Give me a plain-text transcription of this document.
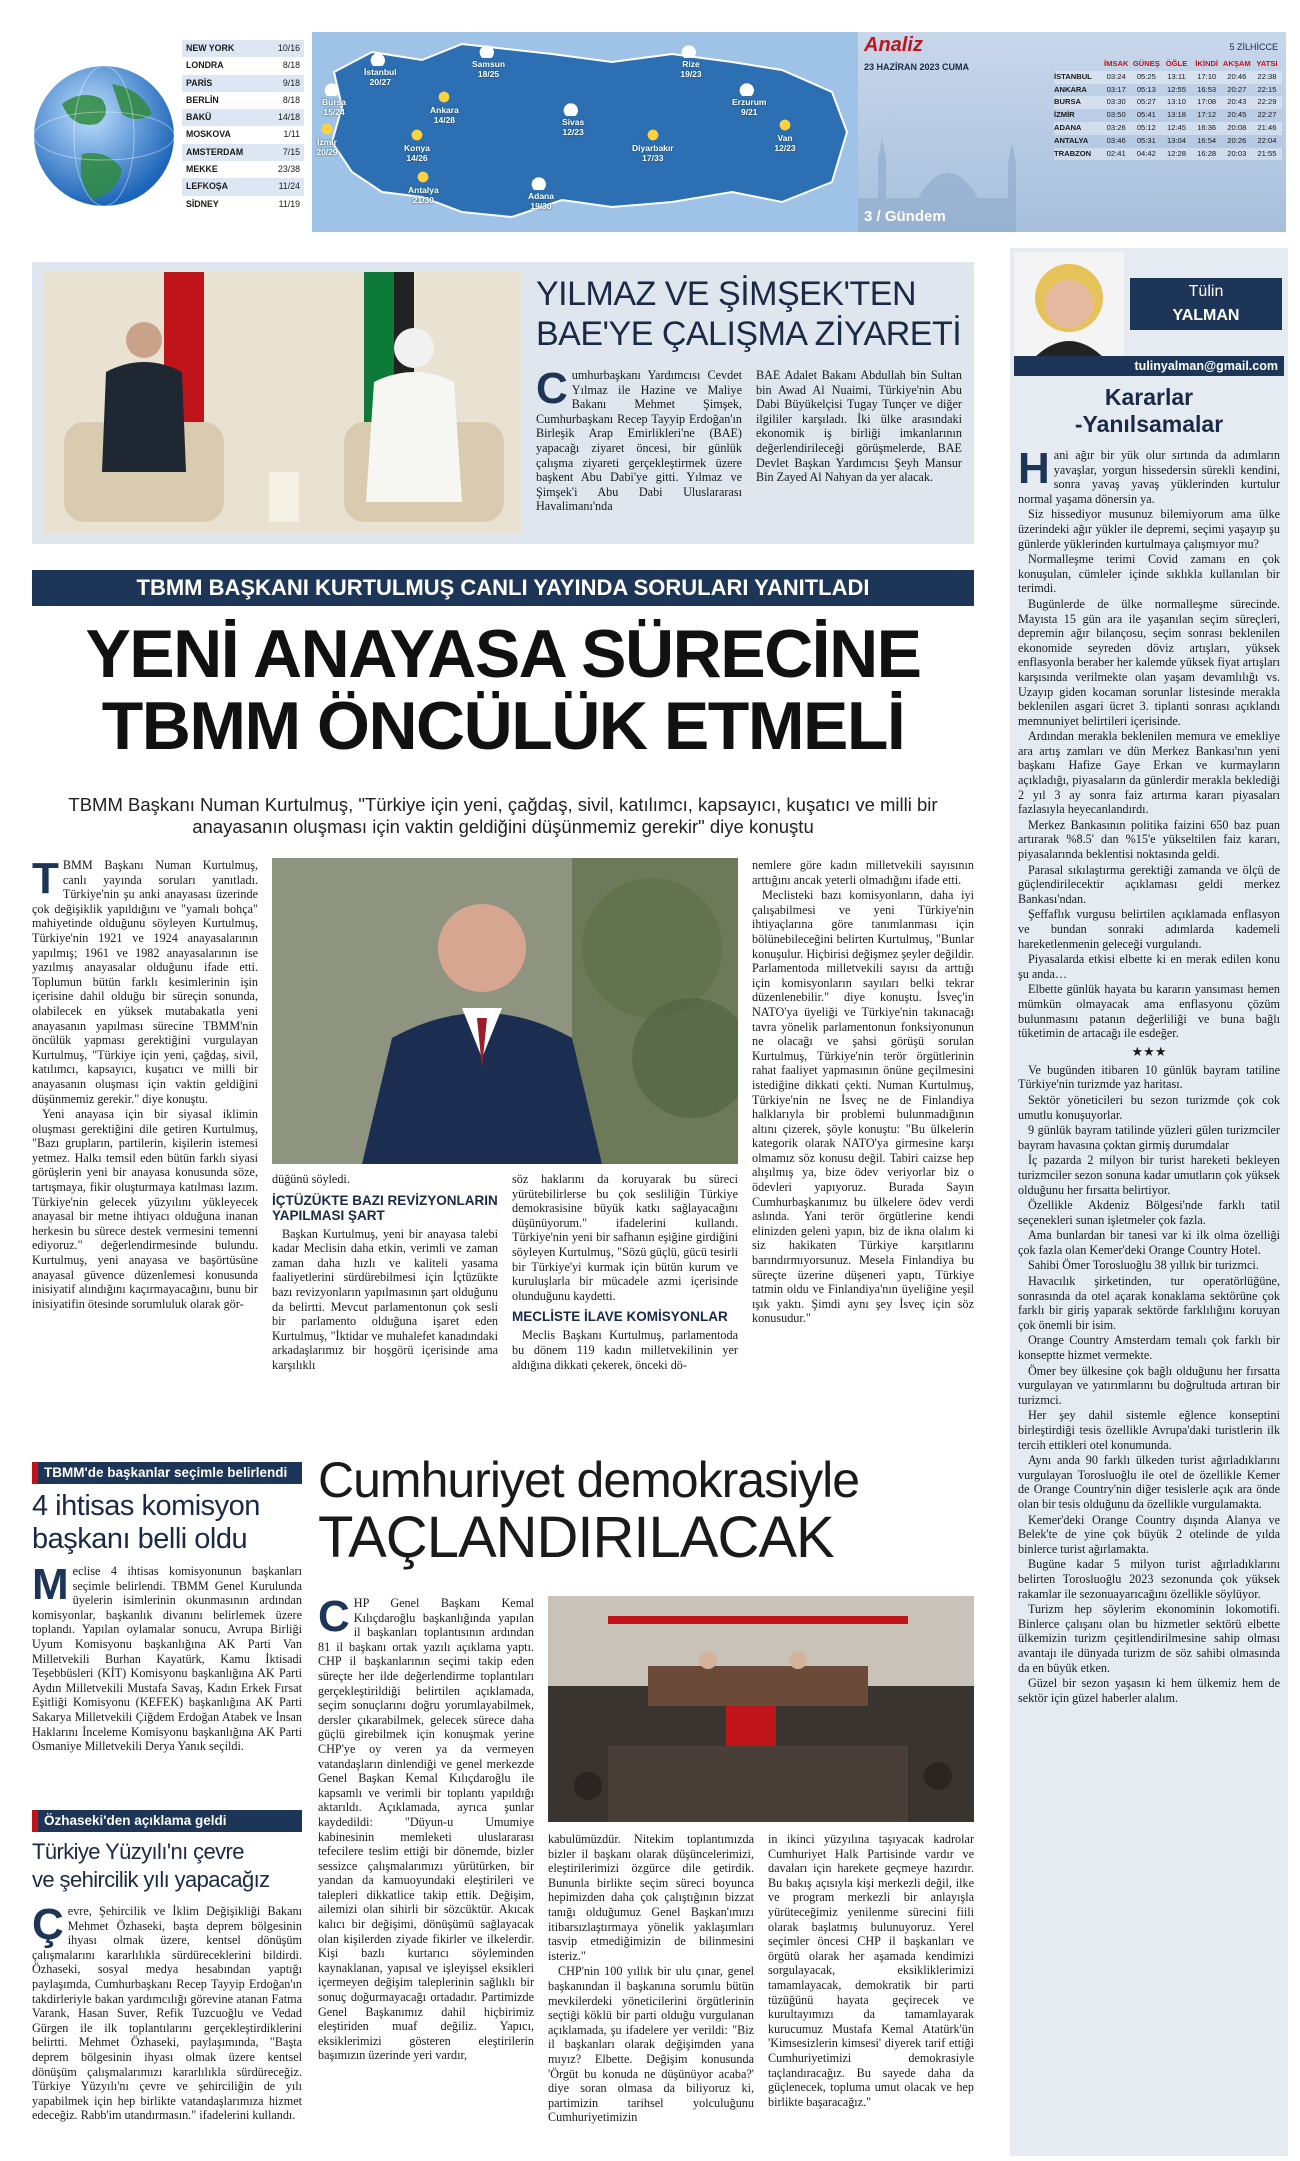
NEW YORK	10/16
LONDRA	8/18
PARİS	9/18
BERLİN	8/18
BAKÜ	14/18
MOSKOVA	1/11
AMSTERDAM	7/15
MEKKE	23/38
LEFKOŞA	11/24
SİDNEY	11/19
İstanbul
20/27
Bursa
15/24
Samsun
18/25
Rize
19/23
Erzurum
9/21
Ankara
14/28	Sivas
12/23
İzmir
20/29	Konya
14/26
Diyarbakır
17/33
Van
12/23
Antalya
21/30	Adana
19/30
Analiz
23 HAZİRAN 2023 CUMA
5 ZİLHİCCE
İMSAK GÜNEŞ ÖĞLE	İKİNDİ AKŞAM YATSI
İSTANBUL	03:24	05:25	13:11	17:10	20:46	22:38
ANKARA	03:17	05:13	12:55	16:53	20:27	22:15
BURSA	03:30	05:27	13:10	17:08	20:43	22:29
İZMİR	03:50	05:41	13:18	17:12	20:45	22:27
ADANA	03:26	05:12	12:45	16:36	20:08	21:46
ANTALYA	03:46	05:31	13:04	16:54	20:26	22:04
TRABZON	02:41	04:42	12:28	16:28	20:03	21:55
3 / Gündem
YILMAZ VE ŞİMŞEK'TEN
BAE'YE ÇALIŞMA ZİYARETİ

Cumhurbaşkanı Yardımcısı Cevdet Yılmaz ile Hazine ve Maliye Bakanı Mehmet Şimşek, Cumhurbaşkanı Recep Tayyip Erdoğan'ın Birleşik Arap Emirlikleri'ne (BAE) yapacağı ziyaret öncesi, bir günlük çalışma ziyareti gerçekleştirmek üzere başkent Abu Dabi'ye gitti. Yılmaz ve Şimşek'i Abu Dabi Uluslararası Havalimanı'nda

BAE Adalet Bakanı Abdullah bin Sultan bin Awad Al Nuaimi, Türkiye'nin Abu Dabi Büyükelçisi Tugay Tunçer ve diğer ilgililer karşıladı. İki ülke arasındaki ekonomik iş birliği imkanlarının değerlendirileceği görüşmelerde, BAE Devlet Başkan Yardımcısı Şeyh Mansur Bin Zayed Al Nahyan da yer alacak.

TBMM BAŞKANI KURTULMUŞ CANLI YAYINDA SORULARI YANITLADI
YENİ ANAYASA SÜRECİNE
TBMM ÖNCÜLÜK ETMELİ
TBMM Başkanı Numan Kurtulmuş, "Türkiye için yeni, çağdaş, sivil, katılımcı, kapsayıcı, kuşatıcı ve milli bir anayasanın oluşması için vaktin geldiğini düşünmemiz gerekir" diye konuştu

TBMM Başkanı Numan Kurtulmuş, canlı yayında soruları yanıtladı. Türkiye'nin şu anki anayasası üzerinde çok değişiklik yapıldığını ve "yamalı bohça" mahiyetinde olduğunu söyleyen Kurtulmuş, Türkiye'nin 1921 ve 1924 anayasalarının yapılmış; 1961 ve 1982 anayasalarının ise yazılmış anayasalar olduğunu ifade etti. Toplumun bütün farklı kesimlerinin işin içerisine dahil olduğu bir süreçin sonunda, olabilecek en yüksek mutabakatla yeni anayasanın yapılması sürecine TBMM'nin öncülük yapması gerektiğini vurgulayan Kurtulmuş, "Türkiye için yeni, çağdaş, sivil, katılımcı, kapsayıcı, kuşatıcı ve milli bir anayasanın oluşması için vaktin geldiğini düşünmemiz gerekir." diye konuştu.

Yeni anayasa için bir siyasal iklimin oluşması gerektiğini dile getiren Kurtulmuş, "Bazı grupların, partilerin, kişilerin istemesi yetmez. Halkı temsil eden bütün farklı siyasi görüşlerin yeni bir anayasa konusunda söze, tartışmaya, fikir oluşturmaya katılması lazım. Türkiye'nin gelecek yüzyılını yükleyecek anayasal bir metne ihtiyacı olduğuna inanan herkesin bu sürece destek vermesini temenni ediyoruz." değerlendirmesinde bulundu. Kurtulmuş, yeni anayasa ve başörtüsüne anayasal güvence düzenlemesi konusunda inisiyatif alındığını kaçırmayacağını, bunu bir inisiyatifin ötesinde sorumluluk olarak gör-

düğünü söyledi.

İÇTÜZÜKTE BAZI REVİZYONLARIN YAPILMASI ŞART

Başkan Kurtulmuş, yeni bir anayasa talebi kadar Meclisin daha etkin, verimli ve zaman zaman daha hızlı ve kaliteli yasama faaliyetlerini sürdürebilmesi için İçtüzükte bazı revizyonların yapılmasının şart olduğunu da belirtti. Mevcut parlamentonun çok sesli bir parlamento olduğuna işaret eden Kurtulmuş, "İktidar ve muhalefet kanadındaki arkadaşlarımız bir hoşgörü içerisinde ama karşılıklı

söz haklarını da koruyarak bu süreci yürütebilirlerse bu çok sesliliğin Türkiye demokrasisine büyük katkı sağlayacağını düşünüyorum." ifadelerini kullandı. Türkiye'nin yeni bir safhanın eşiğine girdiğini söyleyen Kurtulmuş, "Sözü güçlü, gücü tesirli bir Türkiye'yi kurmak için bütün kurum ve kuruluşlarla bir mücadele azmi içerisinde olunduğunu kaydetti.

MECLİSTE İLAVE KOMİSYONLAR

Meclis Başkanı Kurtulmuş, parlamentoda bu dönem 119 kadın milletvekilinin yer aldığına dikkati çekerek, önceki dö-

nemlere göre kadın milletvekili sayısının arttığını ancak yeterli olmadığını ifade etti.

Meclisteki bazı komisyonların, daha iyi çalışabilmesi ve yeni Türkiye'nin ihtiyaçlarına göre tanımlanması için bölünebileceğini belirten Kurtulmuş, "Bunlar konuşulur. Hiçbirisi değişmez şeyler değildir. Parlamentoda milletvekili sayısı da arttığı için komisyonların sayıları belki tekrar düzenlenebilir." diye konuştu. İsveç'in NATO'ya üyeliği ve Türkiye'nin takınacağı tavra yönelik parlamentonun fonksiyonunun ne olacağı ve şahsi görüşü sorulan Kurtulmuş, Türkiye'nin terör örgütlerinin rahat faaliyet yapmasının önüne geçilmesini istediğine dikkati çekti. Numan Kurtulmuş, Türkiye'nin ne İsveç ne de Finlandiya halklarıyla bir problemi bulunmadığının altını çizerek, şöyle konuştu: "Bu ülkelerin kategorik olarak NATO'ya girmesine karşı olmamız söz konusu değil. Tabiri caizse hep alışılmış ya, bize ödev veriyorlar biz o ödevleri yapıyoruz. Burada Sayın Cumhurbaşkanımız bu ülkelere ödev verdi aslında. Yani terör örgütlerine kendi elinizden geleni yapın, biz de ikna olalım ki siz hakikaten Türkiye karşıtlarını barındırmıyorsunuz. Mesela Finlandiya bu süreçte üzerine düşeneri yaptı, Türkiye tatmin oldu ve Finlandiya'nın üyeliğine yeşil ışık yaktı. Şimdi aynı şey İsveç için söz konusudur."

TBMM'de başkanlar seçimle belirlendi
4 ihtisas komisyon
başkanı belli oldu

Meclise 4 ihtisas komisyonunun başkanları seçimle belirlendi. TBMM Genel Kurulunda üyelerin isimlerinin okunmasının ardından komisyonlar, başkanlık divanını belirlemek üzere toplandı. Yapılan oylamalar sonucu, Avrupa Birliği Uyum Komisyonu başkanlığına AK Parti Van Milletvekili Burhan Kayatürk, Kamu İktisadi Teşebbüsleri (KİT) Komisyonu başkanlığına AK Parti Aydın Milletvekili Mustafa Savaş, Kadın Erkek Fırsat Eşitliği Komisyonu (KEFEK) başkanlığına AK Parti Sakarya Milletvekili Çiğdem Erdoğan Atabek ve İnsan Haklarını İnceleme Komisyonu başkanlığına AK Parti Osmaniye Milletvekili Derya Yanık seçildi.

Özhaseki'den açıklama geldi
Türkiye Yüzyılı'nı çevre
ve şehircilik yılı yapacağız

Çevre, Şehircilik ve İklim Değişikliği Bakanı Mehmet Özhaseki, başta deprem bölgesinin ihyası olmak üzere, kentsel dönüşüm çalışmalarını kararlılıkla sürdüreceklerini bildirdi. Özhaseki, sosyal medya hesabından yaptığı paylaşımda, Cumhurbaşkanı Recep Tayyip Erdoğan'ın takdirleriyle bakan yardımcılığı görevine atanan Fatma Varank, Hasan Suver, Refik Tuzcuoğlu ve Vedad Gürgen ile ilk toplantılarını gerçekleştirdiklerini belirtti. Mehmet Özhaseki, paylaşımında, "Başta deprem bölgesinin ihyası olmak üzere kentsel dönüşüm çalışmalarımızı kararlılıkla sürdüreceğiz. Türkiye Yüzyılı'nı çevre ve şehirciliğin de yılı yapabilmek için hep birlikte vatandaşlarımıza hizmet edeceğiz. Rabb'im utandırmasın." ifadelerini kullandı.

Cumhuriyet demokrasiyle
TAÇLANDIRILACAK

CHP Genel Başkanı Kemal Kılıçdaroğlu başkanlığında yapılan il başkanları toplantısının ardından 81 il başkanı ortak yazılı açıklama yaptı. CHP il başkanlarının seçimi takip eden süreçte her ilde değerlendirme toplantıları gerçekleştirildiği belirtilen açıklamada, seçim sonuçlarını doğru yorumlayabilmek, dersler çıkarabilmek, gelecek sürece daha güçlü girebilmek için konuşmak yerine CHP'ye oy veren ya da vermeyen vatandaşların dinlendiği ve genel merkezde Genel Başkan Kemal Kılıçdaroğlu ile kapsamlı ve verimli bir toplantı yapıldığı aktarıldı. Açıklamada, ayrıca şunlar kaydedildi: "Düyun-u Umumiye kabinesinin memleketi uluslararası tefecilere teslim ettiği bir dönemde, bizler sessizce çalışmalarımızı yürütürken, bir yandan da kamuoyundaki eleştirileri ve talepleri dikkatlice takip ettik. Değişim, ailemizi olan sihirli bir sözcüktür. Akıcak kalıcı bir değişimi, dönüşümü sağlayacak olan kişilerden ziyade fikirler ve ilkelerdir. Kişi bazlı kurtarıcı söyleminden kaynaklanan, yapısal ve işleyişsel eksikleri içermeyen değişim taleplerinin sağlıklı bir sonuç doğurmayacağı ortadadır. Partimizde Genel Başkanımız dahil hiçbirimiz eleştiriden muaf değiliz. Yapıcı, eksiklerimizi gösteren eleştirilerin başımızın üzerinde yeri vardır,

kabulümüzdür. Nitekim toplantımızda bizler il başkanı olarak düşüncelerimizi, eleştirilerimizi özgürce dile getirdik. Bununla birlikte seçim süreci boyunca hepimizden daha çok çalıştığının bizzat tanığı olduğumuz Genel Başkan'ımızı itibarsızlaştırmaya yönelik yaklaşımları tasvip etmediğimizin de bilinmesini isteriz."

CHP'nin 100 yıllık bir ulu çınar, genel başkanından il başkanına sorumlu bütün mevkilerdeki yöneticilerini örgütlerinin seçtiği köklü bir parti olduğu vurgulanan açıklamada, şu ifadelere yer verildi: "Biz il başkanları olarak değişimden yana mıyız? Elbette. Değişim konusunda 'Örgüt bu konuda ne düşünüyor acaba?' diye soran olmasa da biliyoruz ki, partimizin tarihsel yolculuğunu Cumhuriyetimizin

in ikinci yüzyılına taşıyacak kadrolar Cumhuriyet Halk Partisinde vardır ve davaları için harekete geçmeye hazırdır. Bu bakış açısıyla kişi merkezli değil, ilke ve program merkezli bir anlayışla yürüteceğimiz yenilenme sürecini fiili olarak başlatmış bulunuyoruz. Yerel seçimler öncesi CHP il başkanları ve örgütü olarak her aşamada kendimizi sorgulayacak, eksikliklerimizi tamamlayacak, demokratik bir parti tüzüğünü hayata geçirecek ve kurultayımızı da tamamlayarak kurucumuz Mustafa Kemal Atatürk'ün 'Kimsesizlerin kimsesi' diyerek tarif ettiği Cumhuriyetimizi demokrasiyle taçlandıracağız. Bu sayede daha da güçlenecek, topluma umut olacak ve hep birlikte başaracağız."

Tülin
YALMAN
tulinyalman@gmail.com
Kararlar
-Yanılsamalar

Hani ağır bir yük olur sırtında da adımların yavaşlar, yorgun hissedersin sürekli kendini, sonra yavaş yavaş yüklerinden kurtulur normal yaşama dönersin ya.

Siz hissediyor musunuz bilemiyorum ama ülke üzerindeki ağır yükler ile depremi, seçimi yaşayıp şu günlerde yüklerinden kurtulmaya çalışmıyor mu?

Normalleşme terimi Covid zamanı en çok konuşulan, cümleler içinde sıklıkla kullanılan bir terimdi.

Bugünlerde de ülke normalleşme sürecinde. Mayısta 15 gün ara ile yaşanılan seçim süreçleri, depremin ağır bilançosu, seçim sonrası beklenilen ekonomide seyreden döviz artışları, yüksek enflasyonla beraber her kalemde yüksek fiyat artışları karşısında verilmekte olan yaşam devamlılığı vs. Uzayıp giden kocaman sorunlar listesinde merakla beklenilen asgari ücret 3. tiplanti sonrası açıklandı memnuniyet belirtileri içerisinde.

Ardından merakla beklenilen memura ve emekliye ara artış zamları ve dün Merkez Bankası'nın yeni başkanı Hafize Gaye Erkan ve kurmayların açıkladığı, piyasaların da günlerdir merakla beklediği 2 yıl 3 ay sonra faiz artırma kararı piyasaları fazlasıyla heyecanlandırdı.

Merkez Bankasının politika faizini 650 baz puan artırarak %8.5' dan %15'e yükseltilen faiz kararı, piyasalarında beklentisi noktasında geldi.

Parasal sıkılaştırma gerektiği zamanda ve ölçü de güçlendirilecektir açıklaması geldi merkez Bankası'ndan.

Şeffaflık vurgusu belirtilen açıklamada enflasyon ve bundan sonraki adımlarda kademeli hareketlenmenin geleceği vurgulandı.

Piyasalarda etkisi elbette ki en merak edilen konu şu anda…

Elbette günlük hayata bu kararın yansıması hemen mümkün olmayacak ama enflasyonu çözüm bulunmasını patanın değerliliği ve buna bağlı tüketimin de artacağı ile esdeğer.

★★★

Ve bugünden itibaren 10 günlük bayram tatiline Türkiye'nin turizmde yaz haritası.

Sektör yöneticileri bu sezon turizmde çok cok umutlu konuşuyorlar.

9 günlük bayram tatilinde yüzleri gülen turizmciler bayram havasına çoktan girmiş durumdalar

İç pazarda 2 milyon bir turist hareketi bekleyen turizmciler sezon sonuna kadar umutların çok yüksek olduğunu her fırsatta belirtiyor.

Özellikle Akdeniz Bölgesi'nde farklı tatil seçenekleri sunan işletmeler çok fazla.

Ama bunlardan bir tanesi var ki ilk olma özelliği çok fazla olan Kemer'deki Orange Country Hotel.

Sahibi Ömer Torosluoğlu 38 yıllık bir turizmci.

Havacılık şirketinden, tur operatörlüğüne, sonrasında da otel açarak konaklama sektörüne çok farklı bir giriş yaparak sektörde farklılığını koruyan çok önemli bir isim.

Orange Country Amsterdam temalı çok farklı bir konseptte hizmet vermekte.

Ömer bey ülkesine çok bağlı olduğunu her fırsatta vurgulayan ve yatırımlarını bu doğrultuda artıran bir turizmci.

Her şey dahil sistemle eğlence konseptini birleştirdiği tesis özellikle Avrupa'daki turistlerin ilk tercih ettikleri otel konumunda.

Aynı anda 90 farklı ülkeden turist ağırladıklarını vurgulayan Torosluoğlu ile otel de özellikle Kemer de Orange Country'nin diğer tesislerle açık ara önde olan bir tesis olduğunu da özellikle vurgulamakta.

Kemer'deki Orange Country dışında Alanya ve Belek'te de yine çok büyük 2 otelinde de yılda binlerce turist ağırlamakta.

Bugüne kadar 5 milyon turist ağırladıklarını belirten Torosluoğlu 2023 sezonunda çok yüksek rakamlar ile sezonuayarıcağını özellikle söylüyor.

Turizm hep söylerim ekonominin lokomotifi. Binlerce çalışanı olan bu hizmetler sektörü elbette ülkemizin turizm çeşitlendirilmesine sahip olması avantajı ile dünyada turizm de söz sahibi olmasında da en büyük etken.

Güzel bir sezon yaşasın ki hem ülkemiz hem de sektör için güzel haberler alalım.
